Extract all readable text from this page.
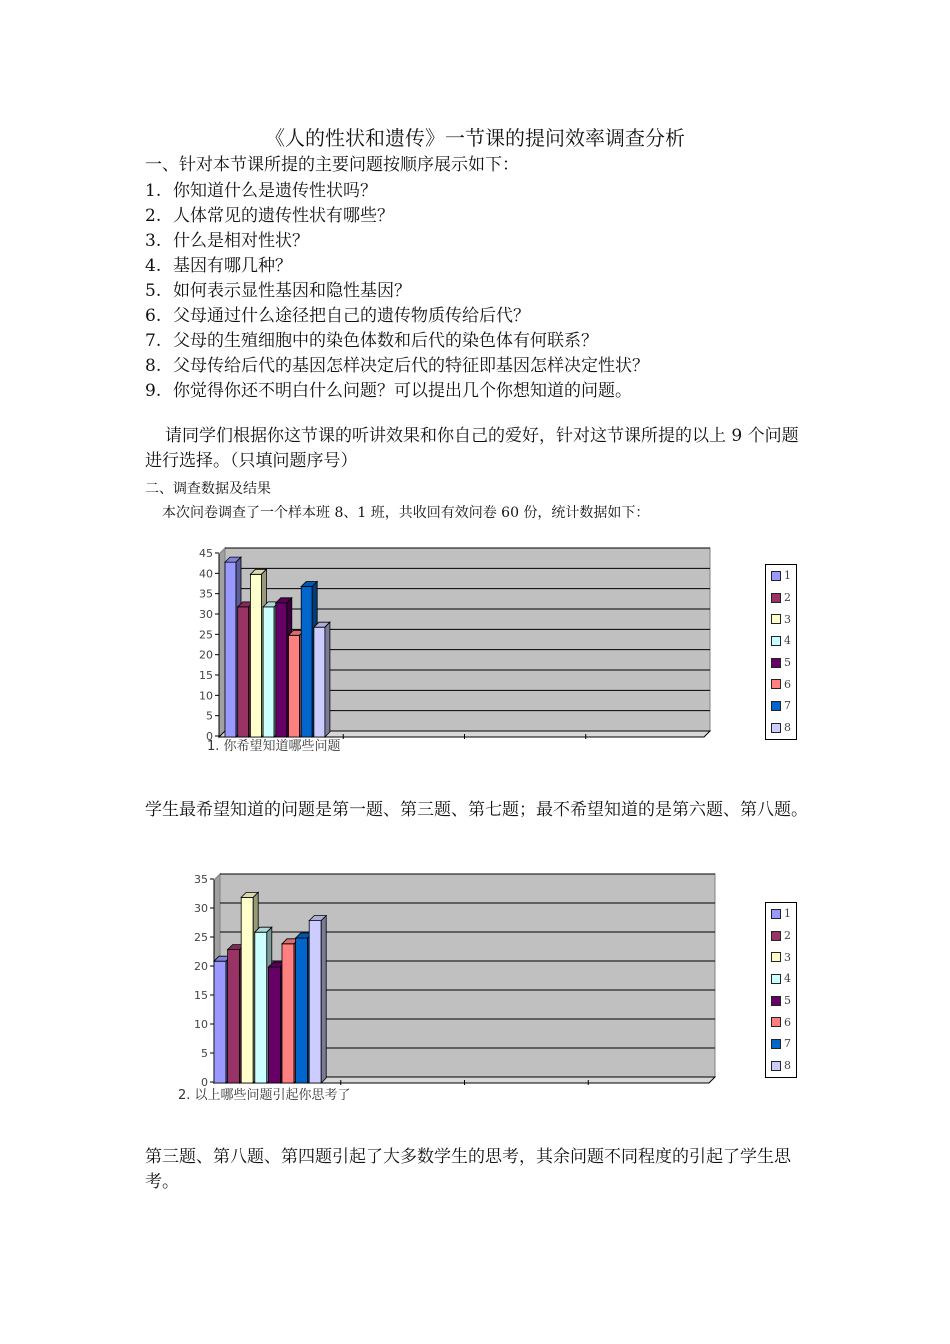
《人的性状和遗传》一节课的提问效率调查分析
一、针对本节课所提的主要问题按顺序展示如下：
1. 你知道什么是遗传性状吗？
2. 人体常见的遗传性状有哪些？
3. 什么是相对性状？
4. 基因有哪几种？
5. 如何表示显性基因和隐性基因？
6. 父母通过什么途径把自己的遗传物质传给后代？
7. 父母的生殖细胞中的染色体数和后代的染色体有何联系？
8. 父母传给后代的基因怎样决定后代的特征即基因怎样决定性状？
9. 你觉得你还不明白什么问题？可以提出几个你想知道的问题。
请同学们根据你这节课的听讲效果和你自己的爱好，针对这节课所提的以上 9 个问题进行选择。（只填问题序号）
二、调查数据及结果
本次问卷调查了一个样本班 8、1 班，共收回有效问卷 60 份，统计数据如下：
0
5
10
15
20
25
30
35
40
45
1
2
3
4
5
6
7
8
1. 你希望知道哪些问题
学生最希望知道的问题是第一题、第三题、第七题；最不希望知道的是第六题、第八题。
0
5
10
15
20
25
30
35
1
2
3
4
5
6
7
8
2. 以上哪些问题引起你思考了
第三题、第八题、第四题引起了大多数学生的思考，其余问题不同程度的引起了学生思考。
